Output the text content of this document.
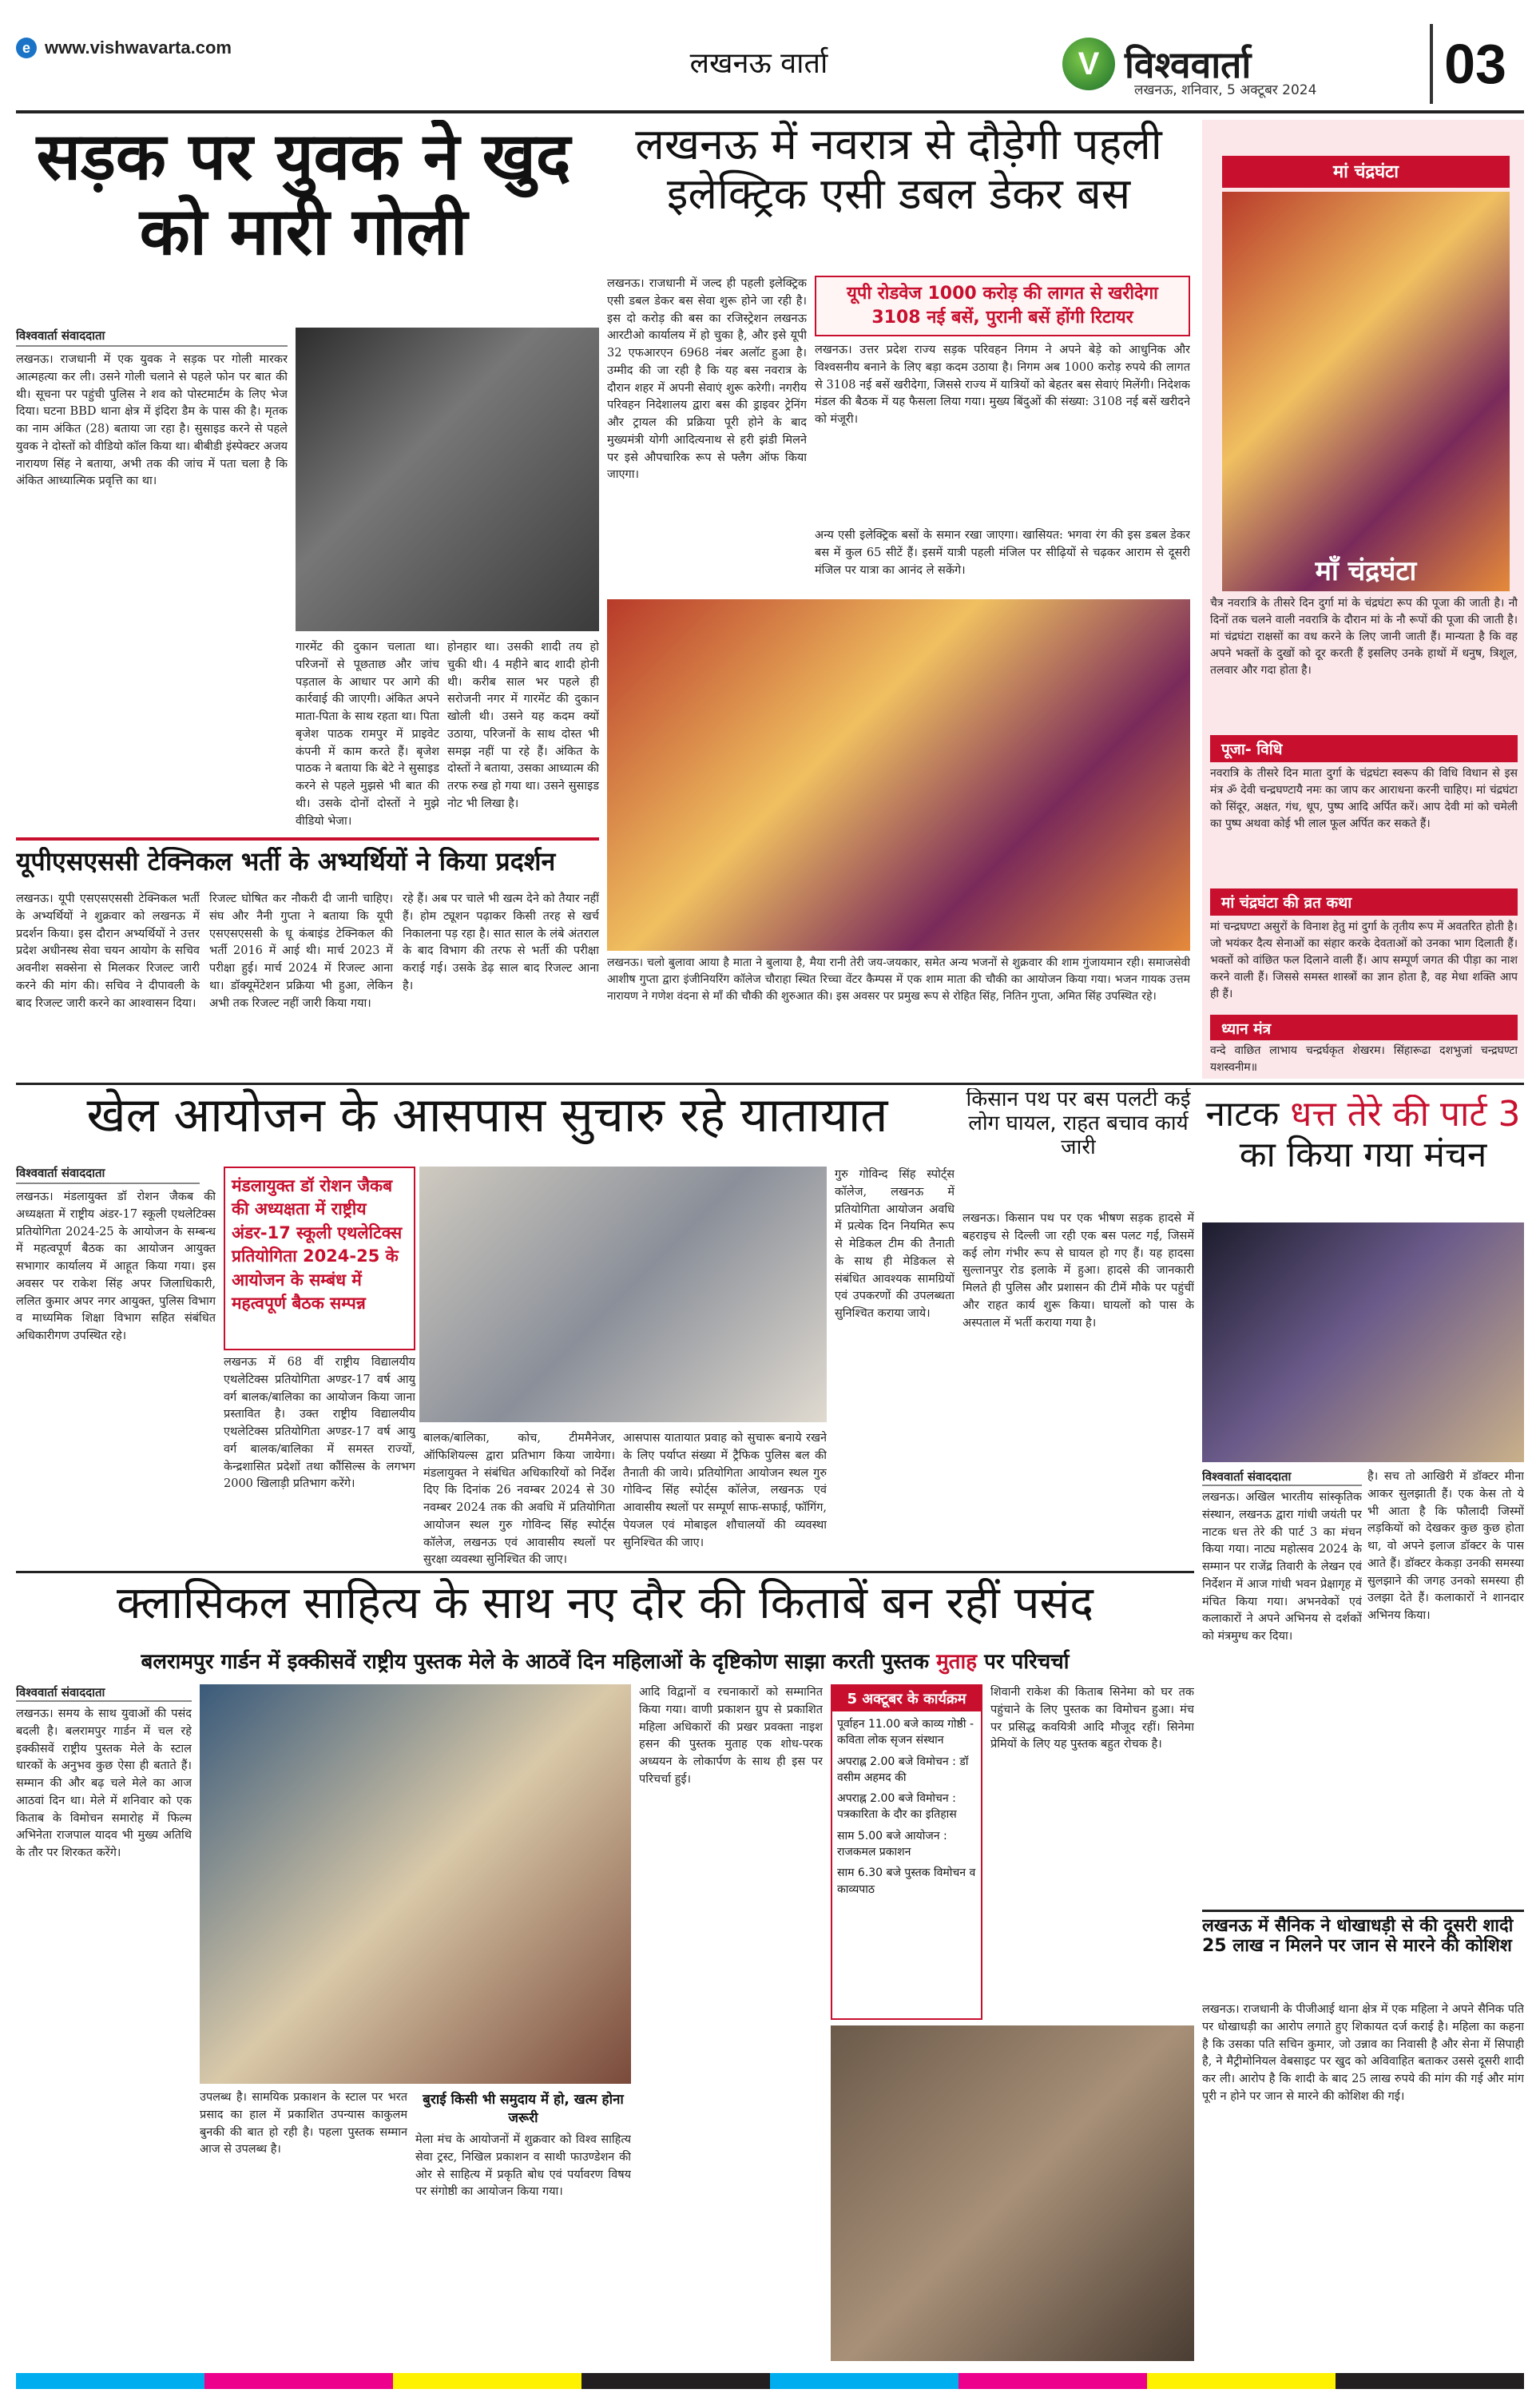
e www.vishwavarta.com	लखनऊ वार्ता	V विश्ववार्ता
लखनऊ, शनिवार, 5 अक्टूबर 2024	03
सड़क पर युवक ने खुद को मारी गोली
विश्ववार्ता संवाददाता
लखनऊ। राजधानी में एक युवक ने सड़क पर गोली मारकर आत्महत्या कर ली। उसने गोली चलाने से पहले फोन पर बात की थी। सूचना पर पहुंची पुलिस ने शव को पोस्टमार्टम के लिए भेज दिया। घटना BBD थाना क्षेत्र में इंदिरा डैम के पास की है। मृतक का नाम अंकित (28) बताया जा रहा है। सुसाइड करने से पहले युवक ने दोस्तों को वीडियो कॉल किया था। बीबीडी इंस्पेक्टर अजय नारायण सिंह ने बताया, अभी तक की जांच में पता चला है कि अंकित आध्यात्मिक प्रवृत्ति का था।
गारमेंट की दुकान चलाता था। परिजनों से पूछताछ और जांच पड़ताल के आधार पर आगे की कार्रवाई की जाएगी। अंकित अपने माता-पिता के साथ रहता था। पिता बृजेश पाठक रामपुर में प्राइवेट कंपनी में काम करते हैं। बृजेश पाठक ने बताया कि बेटे ने सुसाइड करने से पहले मुझसे भी बात की थी। उसके दोनों दोस्तों ने मुझे वीडियो भेजा।
होनहार था। उसकी शादी तय हो चुकी थी। 4 महीने बाद शादी होनी थी। करीब साल भर पहले ही सरोजनी नगर में गारमेंट की दुकान खोली थी। उसने यह कदम क्यों उठाया, परिजनों के साथ दोस्त भी समझ नहीं पा रहे हैं। अंकित के दोस्तों ने बताया, उसका आध्यात्म की तरफ रुख हो गया था। उसने सुसाइड नोट भी लिखा है।
लखनऊ में नवरात्र से दौड़ेगी पहली इलेक्ट्रिक एसी डबल डेकर बस
लखनऊ। राजधानी में जल्द ही पहली इलेक्ट्रिक एसी डबल डेकर बस सेवा शुरू होने जा रही है। इस दो करोड़ की बस का रजिस्ट्रेशन लखनऊ आरटीओ कार्यालय में हो चुका है, और इसे यूपी 32 एफआरएन 6968 नंबर अलॉट हुआ है। उम्मीद की जा रही है कि यह बस नवरात्र के दौरान शहर में अपनी सेवाएं शुरू करेगी। नगरीय परिवहन निदेशालय द्वारा बस की ड्राइवर ट्रेनिंग और ट्रायल की प्रक्रिया पूरी होने के बाद मुख्यमंत्री योगी आदित्यनाथ से हरी झंडी मिलने पर इसे औपचारिक रूप से फ्लैग ऑफ किया जाएगा।
यूपी रोडवेज 1000 करोड़ की लागत से खरीदेगा 3108 नई बसें, पुरानी बसें होंगी रिटायर
लखनऊ। उत्तर प्रदेश राज्य सड़क परिवहन निगम ने अपने बेड़े को आधुनिक और विश्वसनीय बनाने के लिए बड़ा कदम उठाया है। निगम अब 1000 करोड़ रुपये की लागत से 3108 नई बसें खरीदेगा, जिससे राज्य में यात्रियों को बेहतर बस सेवाएं मिलेंगी। निदेशक मंडल की बैठक में यह फैसला लिया गया। मुख्य बिंदुओं की संख्या: 3108 नई बसें खरीदने को मंजूरी।
अन्य एसी इलेक्ट्रिक बसों के समान रखा जाएगा। खासियत: भगवा रंग की इस डबल डेकर बस में कुल 65 सीटें हैं। इसमें यात्री पहली मंजिल पर सीढ़ियों से चढ़कर आराम से दूसरी मंजिल पर यात्रा का आनंद ले सकेंगे।
लखनऊ। चलो बुलावा आया है माता ने बुलाया है, मैया रानी तेरी जय-जयकार, समेत अन्य भजनों से शुक्रवार की शाम गुंजायमान रही। समाजसेवी आशीष गुप्ता द्वारा इंजीनियरिंग कॉलेज चौराहा स्थित रिच्चा वेंटर कैम्पस में एक शाम माता की चौकी का आयोजन किया गया। भजन गायक उत्तम नारायण ने गणेश वंदना से माँ की चौकी की शुरुआत की। इस अवसर पर प्रमुख रूप से रोहित सिंह, नितिन गुप्ता, अमित सिंह उपस्थित रहे।
मां चंद्रघंटा
माँ चंद्रघंटा
चैत्र नवरात्रि के तीसरे दिन दुर्गा मां के चंद्रघंटा रूप की पूजा की जाती है। नौ दिनों तक चलने वाली नवरात्रि के दौरान मां के नौ रूपों की पूजा की जाती है। मां चंद्रघंटा राक्षसों का वध करने के लिए जानी जाती हैं। मान्यता है कि वह अपने भक्तों के दुखों को दूर करती हैं इसलिए उनके हाथों में धनुष, त्रिशूल, तलवार और गदा होता है।
पूजा- विधि
नवरात्रि के तीसरे दिन माता दुर्गा के चंद्रघंटा स्वरूप की विधि विधान से इस मंत्र ॐ देवी चन्द्रघण्टायै नमः का जाप कर आराधना करनी चाहिए। मां चंद्रघंटा को सिंदूर, अक्षत, गंध, धूप, पुष्प आदि अर्पित करें। आप देवी मां को चमेली का पुष्प अथवा कोई भी लाल फूल अर्पित कर सकते हैं।
मां चंद्रघंटा की व्रत कथा
मां चन्द्रघण्टा असुरों के विनाश हेतु मां दुर्गा के तृतीय रूप में अवतरित होती है। जो भयंकर दैत्य सेनाओं का संहार करके देवताओं को उनका भाग दिलाती हैं। भक्तों को वांछित फल दिलाने वाली हैं। आप सम्पूर्ण जगत की पीड़ा का नाश करने वाली हैं। जिससे समस्त शास्त्रों का ज्ञान होता है, वह मेधा शक्ति आप ही हैं।
ध्यान मंत्र
वन्दे वाछित लाभाय चन्द्रर्घकृत शेखरम। सिंहारूढा दशभुजां चन्द्रघण्टा यशस्वनीम॥
यूपीएसएससी टेक्निकल भर्ती के अभ्यर्थियों ने किया प्रदर्शन
लखनऊ। यूपी एसएसएससी टेक्निकल भर्ती के अभ्यर्थियों ने शुक्रवार को लखनऊ में प्रदर्शन किया। इस दौरान अभ्यर्थियों ने उत्तर प्रदेश अधीनस्थ सेवा चयन आयोग के सचिव अवनीश सक्सेना से मिलकर रिजल्ट जारी करने की मांग की। सचिव ने दीपावली के बाद रिजल्ट जारी करने का आश्वासन दिया।
रिजल्ट घोषित कर नौकरी दी जानी चाहिए। संघ और नैनी गुप्ता ने बताया कि यूपी एसएसएससी के धू कंबाइंड टेक्निकल की भर्ती 2016 में आई थी। मार्च 2023 में परीक्षा हुई। मार्च 2024 में रिजल्ट आना था। डॉक्यूमेंटेशन प्रक्रिया भी हुआ, लेकिन अभी तक रिजल्ट नहीं जारी किया गया।
रहे हैं। अब पर चाले भी खत्म देने को तैयार नहीं हैं। होम ट्यूशन पढ़ाकर किसी तरह से खर्च निकालना पड़ रहा है। सात साल के लंबे अंतराल के बाद विभाग की तरफ से भर्ती की परीक्षा कराई गई। उसके डेढ़ साल बाद रिजल्ट आना है।
खेल आयोजन के आसपास सुचारु रहे यातायात
विश्ववार्ता संवाददाता
लखनऊ। मंडलायुक्त डॉ रोशन जैकब की अध्यक्षता में राष्ट्रीय अंडर-17 स्कूली एथलेटिक्स प्रतियोगिता 2024-25 के आयोजन के सम्बन्ध में महत्वपूर्ण बैठक का आयोजन आयुक्त सभागार कार्यालय में आहूत किया गया। इस अवसर पर राकेश सिंह अपर जिलाधिकारी, ललित कुमार अपर नगर आयुक्त, पुलिस विभाग व माध्यमिक शिक्षा विभाग सहित संबंधित अधिकारीगण उपस्थित रहे।
मंडलायुक्त डॉ रोशन जैकब की अध्यक्षता में राष्ट्रीय अंडर-17 स्कूली एथलेटिक्स प्रतियोगिता 2024-25 के आयोजन के सम्बंध में महत्वपूर्ण बैठक सम्पन्न
लखनऊ में 68 वीं राष्ट्रीय विद्यालयीय एथलेटिक्स प्रतियोगिता अण्डर-17 वर्ष आयु वर्ग बालक/बालिका का आयोजन किया जाना प्रस्तावित है। उक्त राष्ट्रीय विद्यालयीय एथलेटिक्स प्रतियोगिता अण्डर-17 वर्ष आयु वर्ग बालक/बालिका में समस्त राज्यों, केन्द्रशासित प्रदेशों तथा कौंसिल्स के लगभग 2000 खिलाड़ी प्रतिभाग करेंगे।
बालक/बालिका, कोच, टीममैनेजर, ऑफिशियल्स द्वारा प्रतिभाग किया जायेगा। मंडलायुक्त ने संबंधित अधिकारियों को निर्देश दिए कि दिनांक 26 नवम्बर 2024 से 30 नवम्बर 2024 तक की अवधि में प्रतियोगिता आयोजन स्थल गुरु गोविन्द सिंह स्पोर्ट्स कॉलेज, लखनऊ एवं आवासीय स्थलों पर सुरक्षा व्यवस्था सुनिश्चित की जाए।
आसपास यातायात प्रवाह को सुचारू बनाये रखने के लिए पर्याप्त संख्या में ट्रैफिक पुलिस बल की तैनाती की जाये। प्रतियोगिता आयोजन स्थल गुरु गोविन्द सिंह स्पोर्ट्स कॉलेज, लखनऊ एवं आवासीय स्थलों पर सम्पूर्ण साफ-सफाई, फॉगिंग, पेयजल एवं मोबाइल शौचालयों की व्यवस्था सुनिश्चित की जाए।
गुरु गोविन्द सिंह स्पोर्ट्स कॉलेज, लखनऊ में प्रतियोगिता आयोजन अवधि में प्रत्येक दिन नियमित रूप से मेडिकल टीम की तैनाती के साथ ही मेडिकल से संबंधित आवश्यक सामग्रियों एवं उपकरणों की उपलब्धता सुनिश्चित कराया जाये।
किसान पथ पर बस पलटी कई लोग घायल, राहत बचाव कार्य जारी
लखनऊ। किसान पथ पर एक भीषण सड़क हादसे में बहराइच से दिल्ली जा रही एक बस पलट गई, जिसमें कई लोग गंभीर रूप से घायल हो गए हैं। यह हादसा सुल्तानपुर रोड इलाके में हुआ। हादसे की जानकारी मिलते ही पुलिस और प्रशासन की टीमें मौके पर पहुंचीं और राहत कार्य शुरू किया। घायलों को पास के अस्पताल में भर्ती कराया गया है।
नाटक धत्त तेरे की पार्ट 3 का किया गया मंचन
विश्ववार्ता संवाददाता
लखनऊ। अखिल भारतीय सांस्कृतिक संस्थान, लखनऊ द्वारा गांधी जयंती पर नाटक धत्त तेरे की पार्ट 3 का मंचन किया गया। नाट्य महोत्सव 2024 के सम्मान पर राजेंद्र तिवारी के लेखन एवं निर्देशन में आज गांधी भवन प्रेक्षागृह में मंचित किया गया। अभनवेकों एवं कलाकारों ने अपने अभिनय से दर्शकों को मंत्रमुग्ध कर दिया।
है। सच तो आखिरी में डॉक्टर मीना आकर सुलझाती हैं। एक केस तो ये भी आता है कि फौलादी जिस्मों लड़कियों को देखकर कुछ कुछ होता था, वो अपने इलाज डॉक्टर के पास आते हैं। डॉक्टर केकड़ा उनकी समस्या सुलझाने की जगह उनको समस्या ही उलझा देते हैं। कलाकारों ने शानदार अभिनय किया।
क्लासिकल साहित्य के साथ नए दौर की किताबें बन रहीं पसंद
बलरामपुर गार्डन में इक्कीसवें राष्ट्रीय पुस्तक मेले के आठवें दिन महिलाओं के दृष्टिकोण साझा करती पुस्तक मुताह पर परिचर्चा
विश्ववार्ता संवाददाता
लखनऊ। समय के साथ युवाओं की पसंद बदली है। बलरामपुर गार्डन में चल रहे इक्कीसवें राष्ट्रीय पुस्तक मेले के स्टाल धारकों के अनुभव कुछ ऐसा ही बताते हैं। सम्मान की और बढ़ चले मेले का आज आठवां दिन था। मेले में शनिवार को एक किताब के विमोचन समारोह में फिल्म अभिनेता राजपाल यादव भी मुख्य अतिथि के तौर पर शिरकत करेंगे।
उपलब्ध है। सामयिक प्रकाशन के स्टाल पर भरत प्रसाद का हाल में प्रकाशित उपन्यास काकुलम बुनकी की बात हो रही है। पहला पुस्तक सम्मान आज से उपलब्ध है।
बुराई किसी भी समुदाय में हो, खत्म होना जरूरी
मेला मंच के आयोजनों में शुक्रवार को विश्व साहित्य सेवा ट्रस्ट, निखिल प्रकाशन व साथी फाउण्डेशन की ओर से साहित्य में प्रकृति बोध एवं पर्यावरण विषय पर संगोष्ठी का आयोजन किया गया।
आदि विद्वानों व रचनाकारों को सम्मानित किया गया। वाणी प्रकाशन ग्रुप से प्रकाशित महिला अधिकारों की प्रखर प्रवक्ता नाइश हसन की पुस्तक मुताह एक शोध-परक अध्ययन के लोकार्पण के साथ ही इस पर परिचर्चा हुई।
5 अक्टूबर के कार्यक्रम
पूर्वाहन 11.00 बजे काव्य गोष्ठी - कविता लोक सृजन संस्थान
अपराह्न 2.00 बजे विमोचन : डॉ वसीम अहमद की
अपराह्न 2.00 बजे विमोचन : पत्रकारिता के दौर का इतिहास
साम 5.00 बजे आयोजन : राजकमल प्रकाशन
साम 6.30 बजे पुस्तक विमोचन व काव्यपाठ
शिवानी राकेश की किताब सिनेमा को घर तक पहुंचाने के लिए पुस्तक का विमोचन हुआ। मंच पर प्रसिद्ध कवयित्री आदि मौजूद रहीं। सिनेमा प्रेमियों के लिए यह पुस्तक बहुत रोचक है।
लखनऊ में सैनिक ने धोखाधड़ी से की दूसरी शादी 25 लाख न मिलने पर जान से मारने की कोशिश
लखनऊ। राजधानी के पीजीआई थाना क्षेत्र में एक महिला ने अपने सैनिक पति पर धोखाधड़ी का आरोप लगाते हुए शिकायत दर्ज कराई है। महिला का कहना है कि उसका पति सचिन कुमार, जो उन्नाव का निवासी है और सेना में सिपाही है, ने मैट्रीमोनियल वेबसाइट पर खुद को अविवाहित बताकर उससे दूसरी शादी कर ली। आरोप है कि शादी के बाद 25 लाख रुपये की मांग की गई और मांग पूरी न होने पर जान से मारने की कोशिश की गई।
